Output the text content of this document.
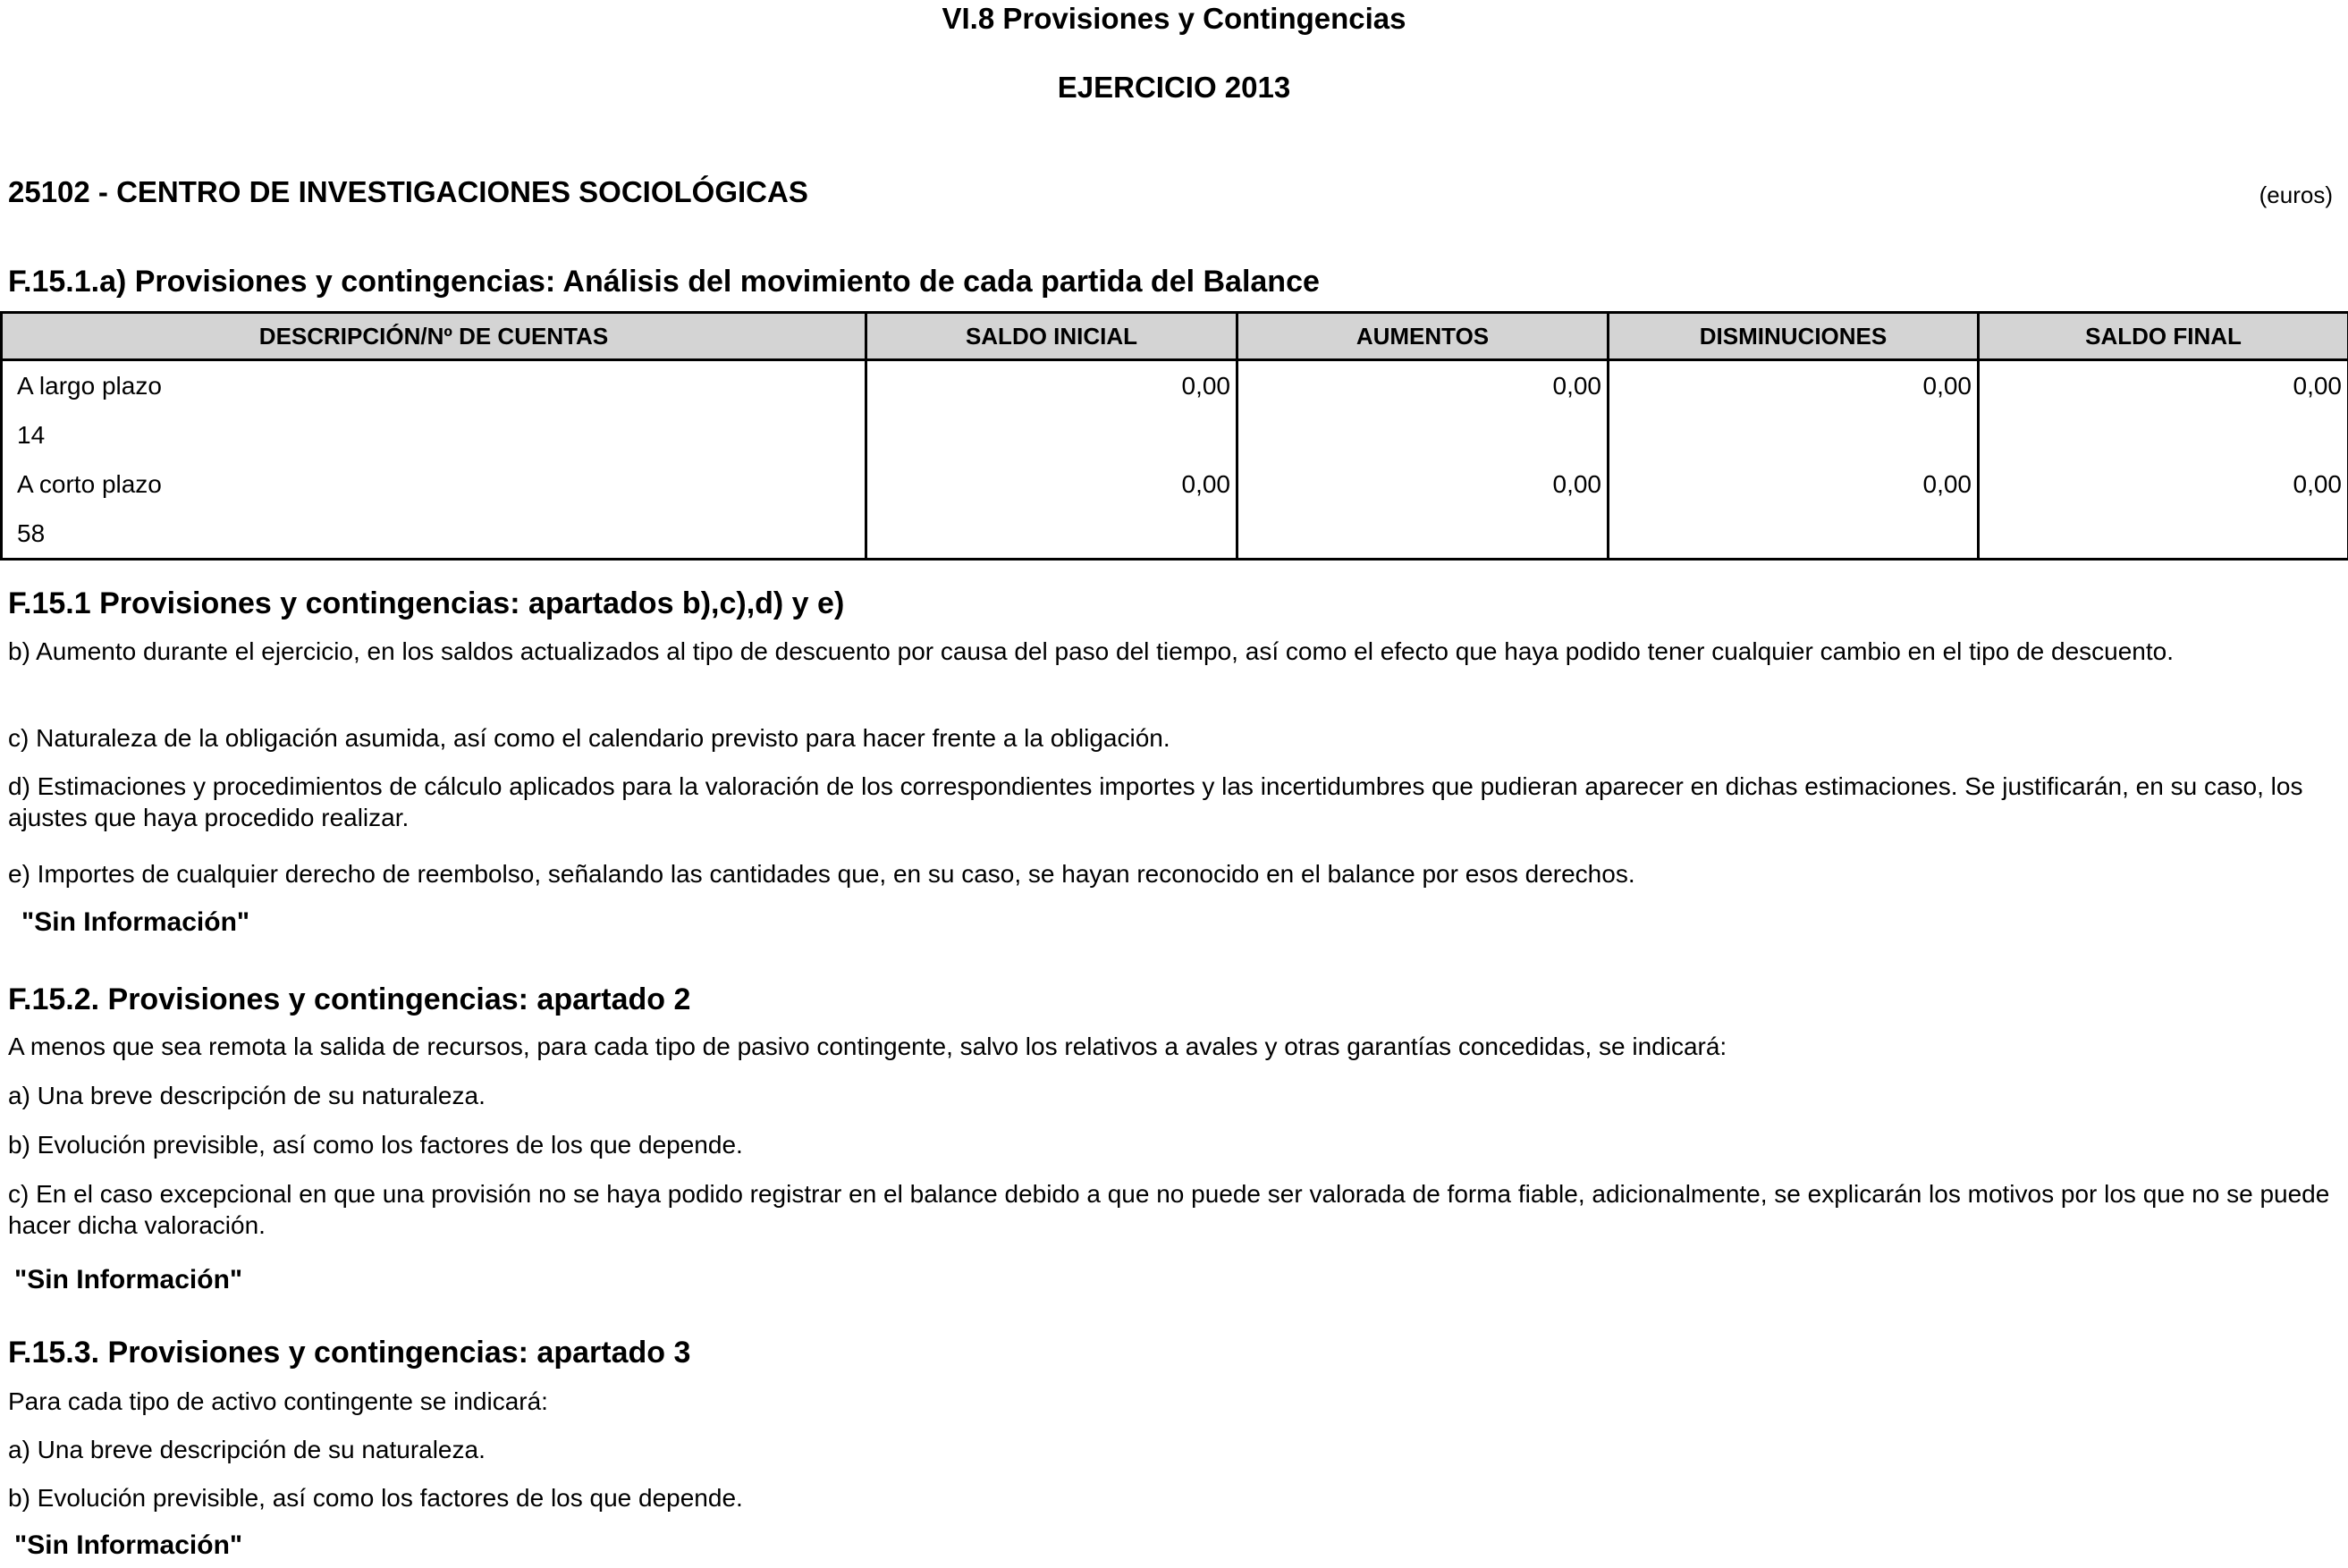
VI.8 Provisiones y Contingencias
EJERCICIO 2013
25102 - CENTRO DE INVESTIGACIONES SOCIOLÓGICAS	(euros)
F.15.1.a) Provisiones y contingencias: Análisis del movimiento de cada partida del Balance
DESCRIPCIÓN/Nº DE CUENTAS	SALDO INICIAL	AUMENTOS	DISMINUCIONES	SALDO FINAL
A largo plazo	0,00	0,00	0,00	0,00
14				
A corto plazo	0,00	0,00	0,00	0,00
58				
F.15.1 Provisiones y contingencias: apartados b),c),d) y e)
b) Aumento durante el ejercicio, en los saldos actualizados al tipo de descuento por causa del paso del tiempo, así como el efecto que haya podido tener cualquier cambio en el tipo de descuento.
c) Naturaleza de la obligación asumida, así como el calendario previsto para hacer frente a la obligación.
d) Estimaciones y procedimientos de cálculo aplicados para la valoración de los correspondientes importes y las incertidumbres que pudieran aparecer en dichas estimaciones. Se justificarán, en su caso, los ajustes que haya procedido realizar.
e) Importes de cualquier derecho de reembolso, señalando las cantidades que, en su caso, se hayan reconocido en el balance por esos derechos.
"Sin Información"
F.15.2. Provisiones y contingencias: apartado 2
A menos que sea remota la salida de recursos, para cada tipo de pasivo contingente, salvo los relativos a avales y otras garantías concedidas, se indicará:
a) Una breve descripción de su naturaleza.
b) Evolución previsible, así como los factores de los que depende.
c) En el caso excepcional en que una provisión no se haya podido registrar en el balance debido a que no puede ser valorada de forma fiable, adicionalmente, se explicarán los motivos por los que no se puede hacer dicha valoración.
"Sin Información"
F.15.3. Provisiones y contingencias: apartado 3
Para cada tipo de activo contingente se indicará:
a) Una breve descripción de su naturaleza.
b) Evolución previsible, así como los factores de los que depende.
"Sin Información"
